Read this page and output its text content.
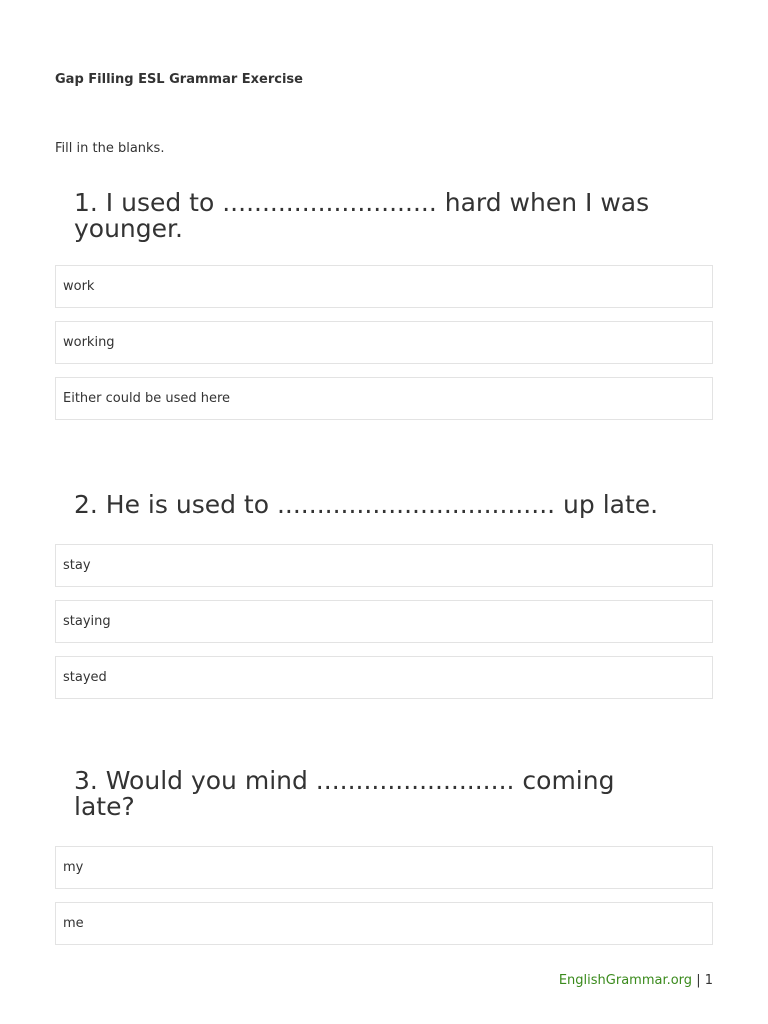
Gap Filling ESL Grammar Exercise
Fill in the blanks.
1. I used to ........................... hard when I was younger.
work
working
Either could be used here
2. He is used to ................................... up late.
stay
staying
stayed
3. Would you mind ......................... coming late?
my
me
EnglishGrammar.org | 1
